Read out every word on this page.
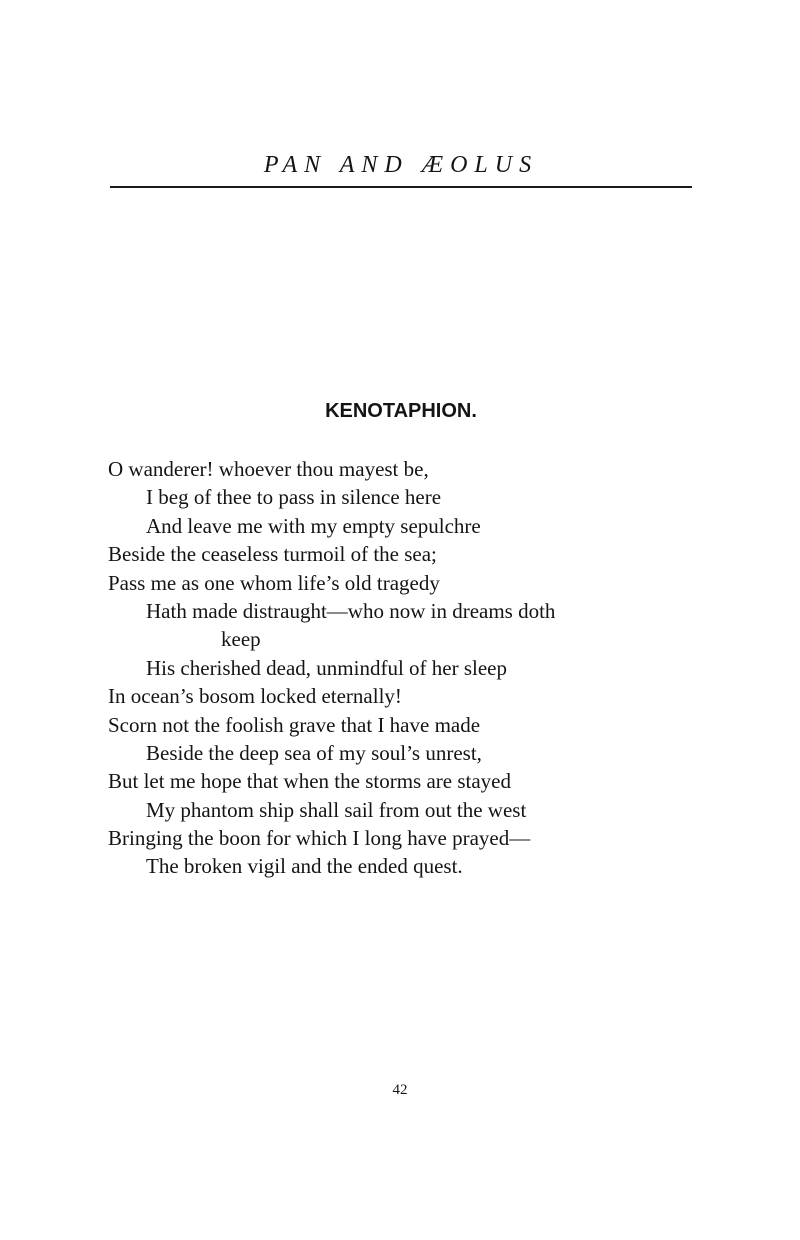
PAN AND ÆOLUS
KENOTAPHION.
O wanderer! whoever thou mayest be,
I beg of thee to pass in silence here
And leave me with my empty sepulchre
Beside the ceaseless turmoil of the sea;
Pass me as one whom life’s old tragedy
Hath made distraught—who now in dreams doth
keep
His cherished dead, unmindful of her sleep
In ocean’s bosom locked eternally!
Scorn not the foolish grave that I have made
Beside the deep sea of my soul’s unrest,
But let me hope that when the storms are stayed
My phantom ship shall sail from out the west
Bringing the boon for which I long have prayed—
The broken vigil and the ended quest.
42
